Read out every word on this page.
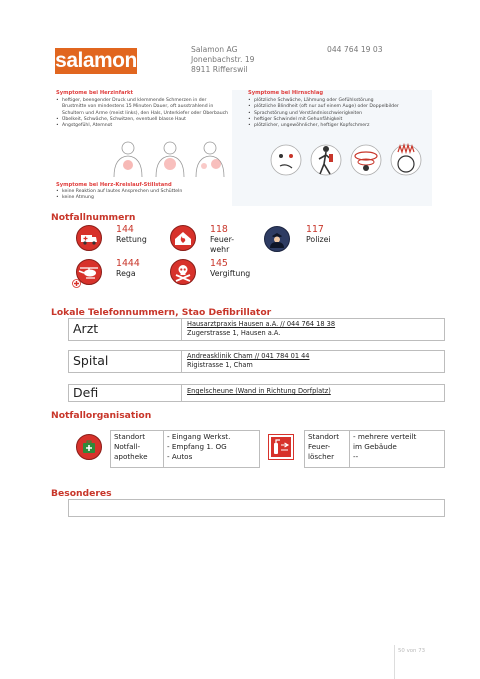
salamon	Salamon AG
Jonenbachstr. 19
8911 Rifferswil
044 764 19 03
Symptome bei Herzinfarkt
• heftiger, beengender Druck und klemmende Schmerzen in der Brustmitte von mindestens 15 Minuten Dauer, oft ausstrahlend in Schultern und Arme (meist links), den Hals, Unterkiefer oder Oberbauch
• Übelkeit, Schwäche, Schwitzen, eventuell blasse Haut
• Angstgefühl, Atemnot
Symptome bei Hirnschlag
• plötzliche Schwäche, Lähmung oder Gefühlsstörung
• plötzliche Blindheit (oft nur auf einem Auge) oder Doppelbilder
• Sprachstörung und Verständnisschwierigkeiten
• heftiger Schwindel mit Gehunfähigkeit
• plötzlicher, ungewöhnlicher, heftiger Kopfschmerz
Symptome bei Herz-Kreislauf-Stillstand
• keine Reaktion auf lautes Ansprechen und Schütteln
• keine Atmung
Notfallnummern
144
Rettung
118
Feuer-
wehr
117
Polizei
1444
Rega
145
Vergiftung
Lokale Telefonnummern, Stao Defibrillator
Arzt	Hausarztpraxis Hausen a.A. // 044 764 18 38
Zugerstrasse 1, Hausen a.A.
Spital	Andreasklinik Cham // 041 784 01 44
Rigistrasse 1, Cham
Defi	Engelscheune (Wand in Richtung Dorfplatz)
Notfallorganisation
Standort
Notfall-
apotheke
- Eingang Werkst.
- Empfang 1. OG
- Autos
Standort
Feuer-
löscher
- mehrere verteilt
im Gebäude
--
Besonderes
50 von 73
